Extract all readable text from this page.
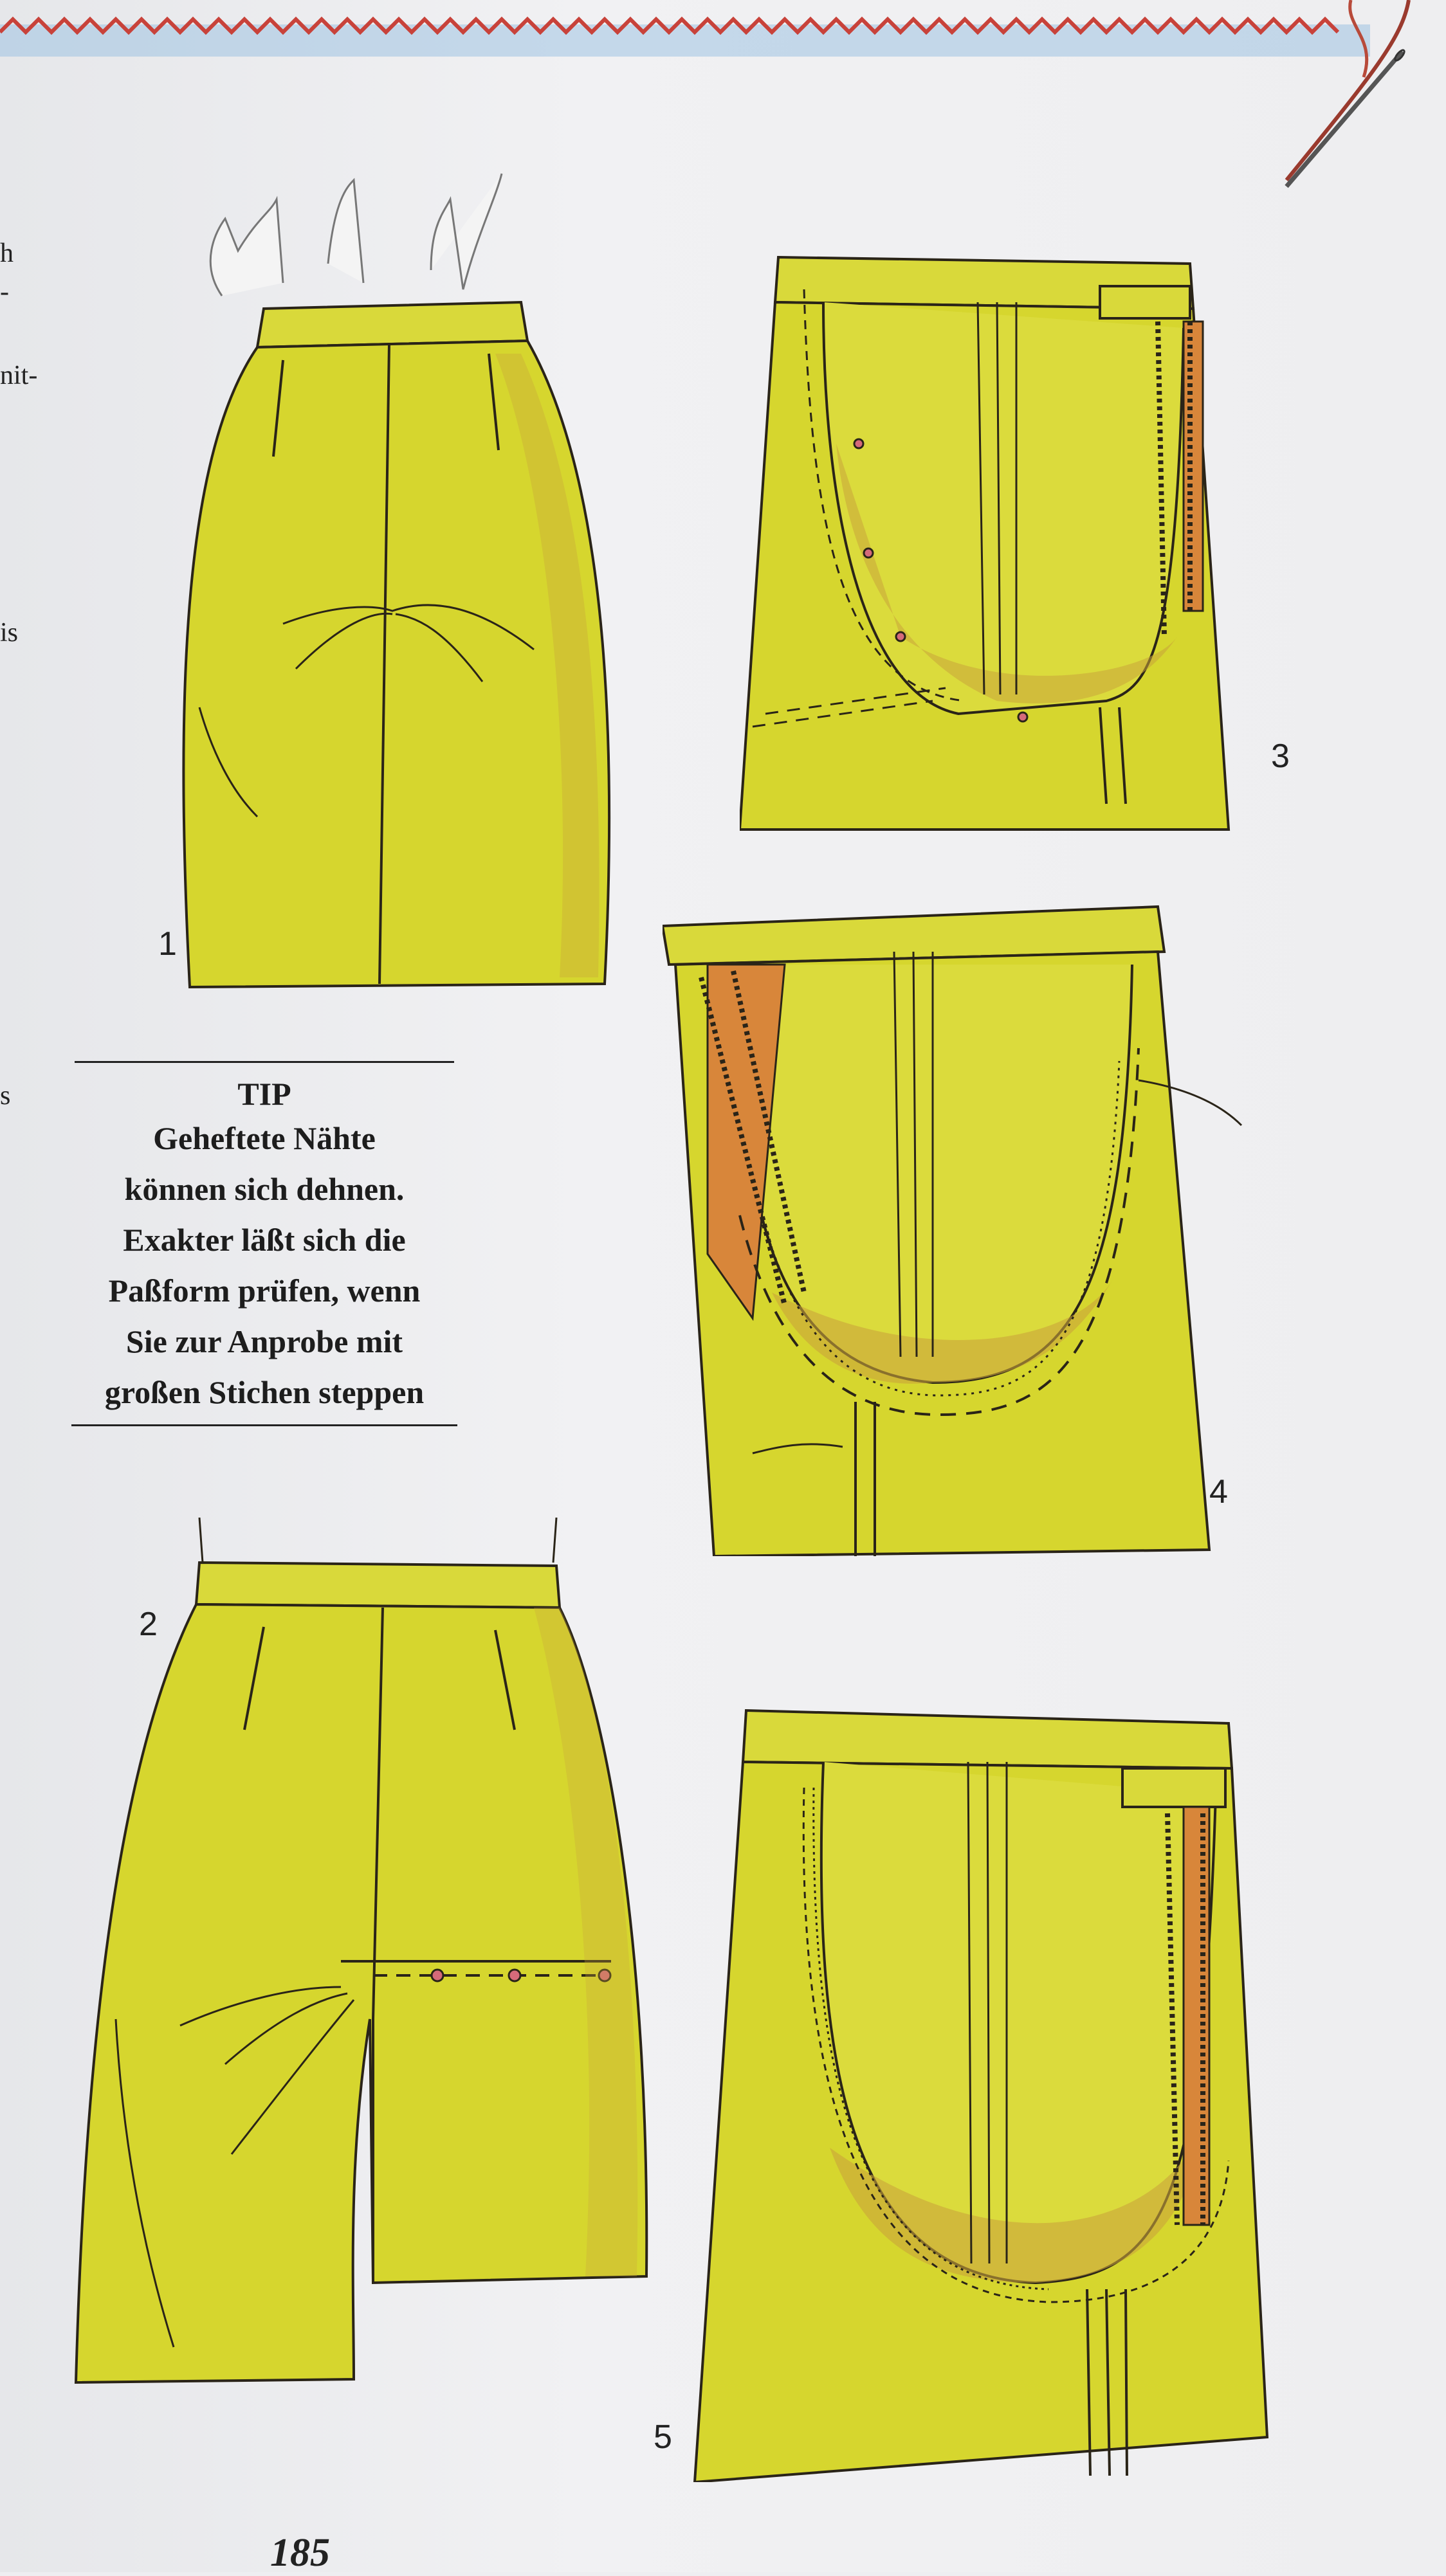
h
-
nit-
is
s
1
TIP
Geheftete Nähte
können sich dehnen.
Exakter läßt sich die
Paßform prüfen, wenn
Sie zur Anprobe mit
großen Stichen steppen
2
3
4
5
185
